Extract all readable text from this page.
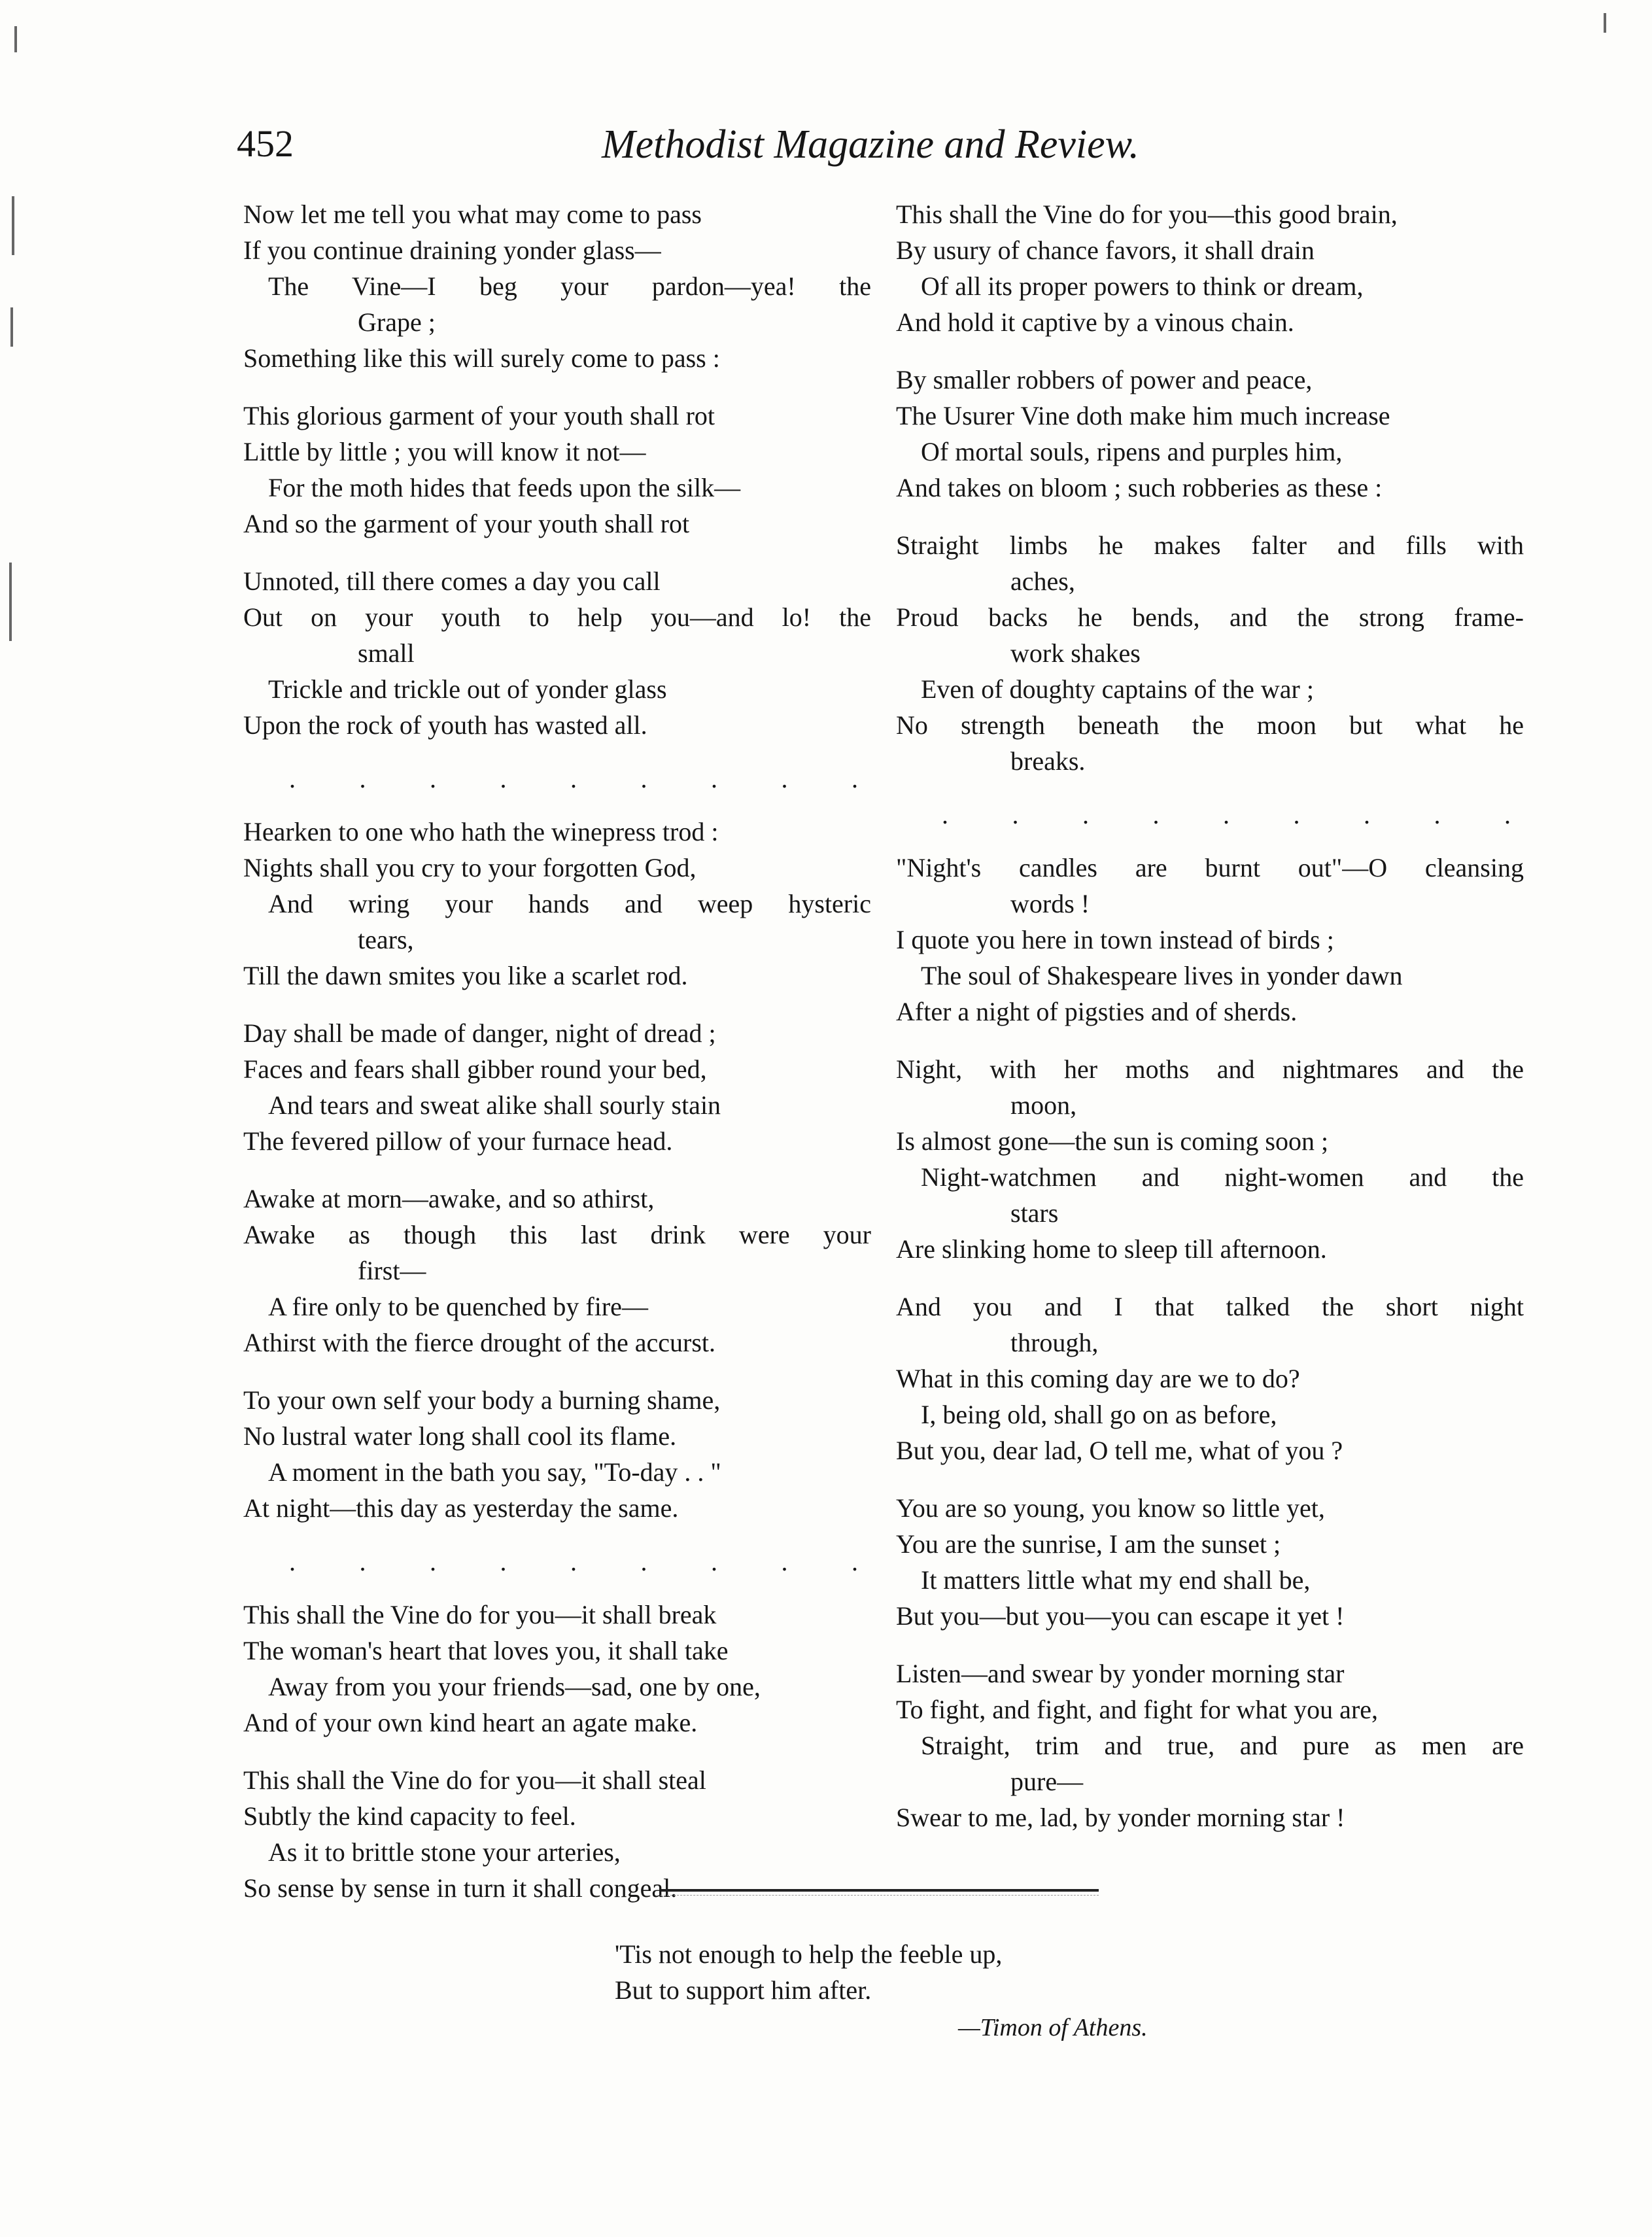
452	Methodist Magazine and Review.
Now let me tell you what may come to pass
If you continue draining yonder glass—
The Vine—I beg your pardon—yea! the
Grape ;
Something like this will surely come to pass :
This glorious garment of your youth shall rot
Little by little ; you will know it not—
For the moth hides that feeds upon the silk—
And so the garment of your youth shall rot
Unnoted, till there comes a day you call
Out on your youth to help you—and lo! the
small
Trickle and trickle out of yonder glass
Upon the rock of youth has wasted all.
. . . . . . . . .
Hearken to one who hath the winepress trod :
Nights shall you cry to your forgotten God,
And wring your hands and weep hysteric
tears,
Till the dawn smites you like a scarlet rod.
Day shall be made of danger, night of dread ;
Faces and fears shall gibber round your bed,
And tears and sweat alike shall sourly stain
The fevered pillow of your furnace head.
Awake at morn—awake, and so athirst,
Awake as though this last drink were your
first—
A fire only to be quenched by fire—
Athirst with the fierce drought of the accurst.
To your own self your body a burning shame,
No lustral water long shall cool its flame.
A moment in the bath you say, "To-day . . "
At night—this day as yesterday the same.
. . . . . . . . .
This shall the Vine do for you—it shall break
The woman's heart that loves you, it shall take
Away from you your friends—sad, one by one,
And of your own kind heart an agate make.
This shall the Vine do for you—it shall steal
Subtly the kind capacity to feel.
As it to brittle stone your arteries,
So sense by sense in turn it shall congeal.
This shall the Vine do for you—this good brain,
By usury of chance favors, it shall drain
Of all its proper powers to think or dream,
And hold it captive by a vinous chain.
By smaller robbers of power and peace,
The Usurer Vine doth make him much increase
Of mortal souls, ripens and purples him,
And takes on bloom ; such robberies as these :
Straight limbs he makes falter and fills with
aches,
Proud backs he bends, and the strong frame-
work shakes
Even of doughty captains of the war ;
No strength beneath the moon but what he
breaks.
. . . . . . . . .
"Night's candles are burnt out"—O cleansing
words !
I quote you here in town instead of birds ;
The soul of Shakespeare lives in yonder dawn
After a night of pigsties and of sherds.
Night, with her moths and nightmares and the
moon,
Is almost gone—the sun is coming soon ;
Night-watchmen and night-women and the
stars
Are slinking home to sleep till afternoon.
And you and I that talked the short night
through,
What in this coming day are we to do?
I, being old, shall go on as before,
But you, dear lad, O tell me, what of you ?
You are so young, you know so little yet,
You are the sunrise, I am the sunset ;
It matters little what my end shall be,
But you—but you—you can escape it yet !
Listen—and swear by yonder morning star
To fight, and fight, and fight for what you are,
Straight, trim and true, and pure as men are
pure—
Swear to me, lad, by yonder morning star !
'Tis not enough to help the feeble up,
But to support him after.
—Timon of Athens.
